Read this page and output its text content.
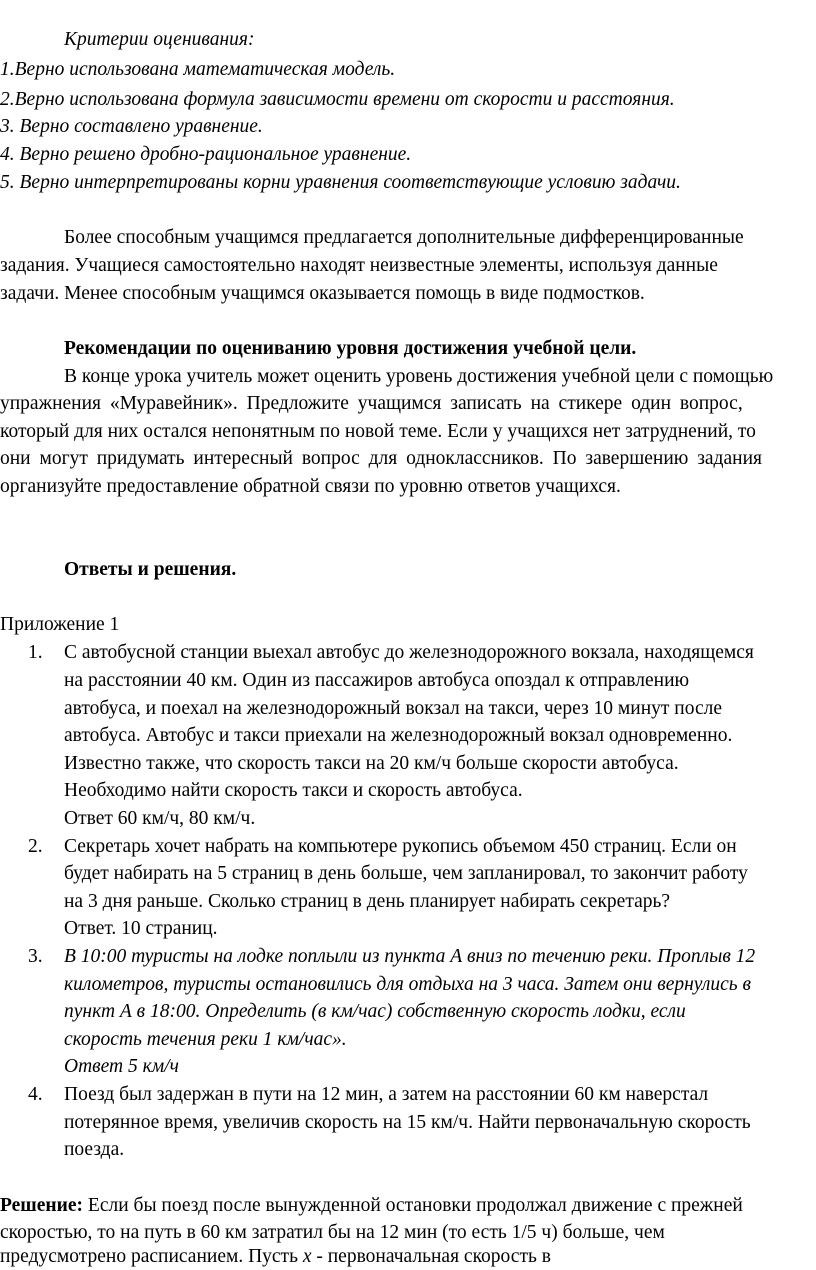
Критерии оценивания:
1.Верно использована математическая модель.
2.Верно использована формула зависимости времени от скорости и расстояния.
3. Верно составлено уравнение.
4. Верно решено дробно-рациональное уравнение.
5. Верно интерпретированы корни уравнения соответствующие условию задачи.
Более способным учащимся предлагается дополнительные дифференцированные
задания. Учащиеся самостоятельно находят неизвестные элементы, используя данные
задачи. Менее способным учащимся оказывается помощь в виде подмостков.
Рекомендации по оцениванию уровня достижения учебной цели.
В конце урока учитель может оценить уровень достижения учебной цели с помощью
упражнения «Муравейник». Предложите учащимся записать на стикере один вопрос,
который для них остался непонятным по новой теме. Если у учащихся нет затруднений, то
они могут придумать интересный вопрос для одноклассников. По завершению задания
организуйте предоставление обратной связи по уровню ответов учащихся.
Ответы и решения.
Приложение 1
1. С автобусной станции выехал автобус до железнодорожного вокзала, находящемся
на расстоянии 40 км. Один из пассажиров автобуса опоздал к отправлению
автобуса, и поехал на железнодорожный вокзал на такси, через 10 минут после
автобуса. Автобус и такси приехали на железнодорожный вокзал одновременно.
Известно также, что скорость такси на 20 км/ч больше скорости автобуса.
Необходимо найти скорость такси и скорость автобуса.
Ответ 60 км/ч, 80 км/ч.
2. Секретарь хочет набрать на компьютере рукопись объемом 450 страниц. Если он
будет набирать на 5 страниц в день больше, чем запланировал, то закончит работу
на 3 дня раньше. Сколько страниц в день планирует набирать секретарь?
Ответ. 10 страниц.
3. В 10:00 туристы на лодке поплыли из пункта А вниз по течению реки. Проплыв 12
километров, туристы остановились для отдыха на 3 часа. Затем они вернулись в
пункт А в 18:00. Определить (в км/час) собственную скорость лодки, если
скорость течения реки 1 км/час».
Ответ 5 км/ч
4. Поезд был задержан в пути на 12 мин, а затем на расстоянии 60 км наверстал
потерянное время, увеличив скорость на 15 км/ч. Найти первоначальную скорость
поезда.
Решение: Если бы поезд после вынужденной остановки продолжал движение с прежней
скоростью, то на путь в 60 км затратил бы на 12 мин (то есть 1/5 ч) больше, чем
предусмотрено расписанием. Пусть x - первоначальная скорость в
